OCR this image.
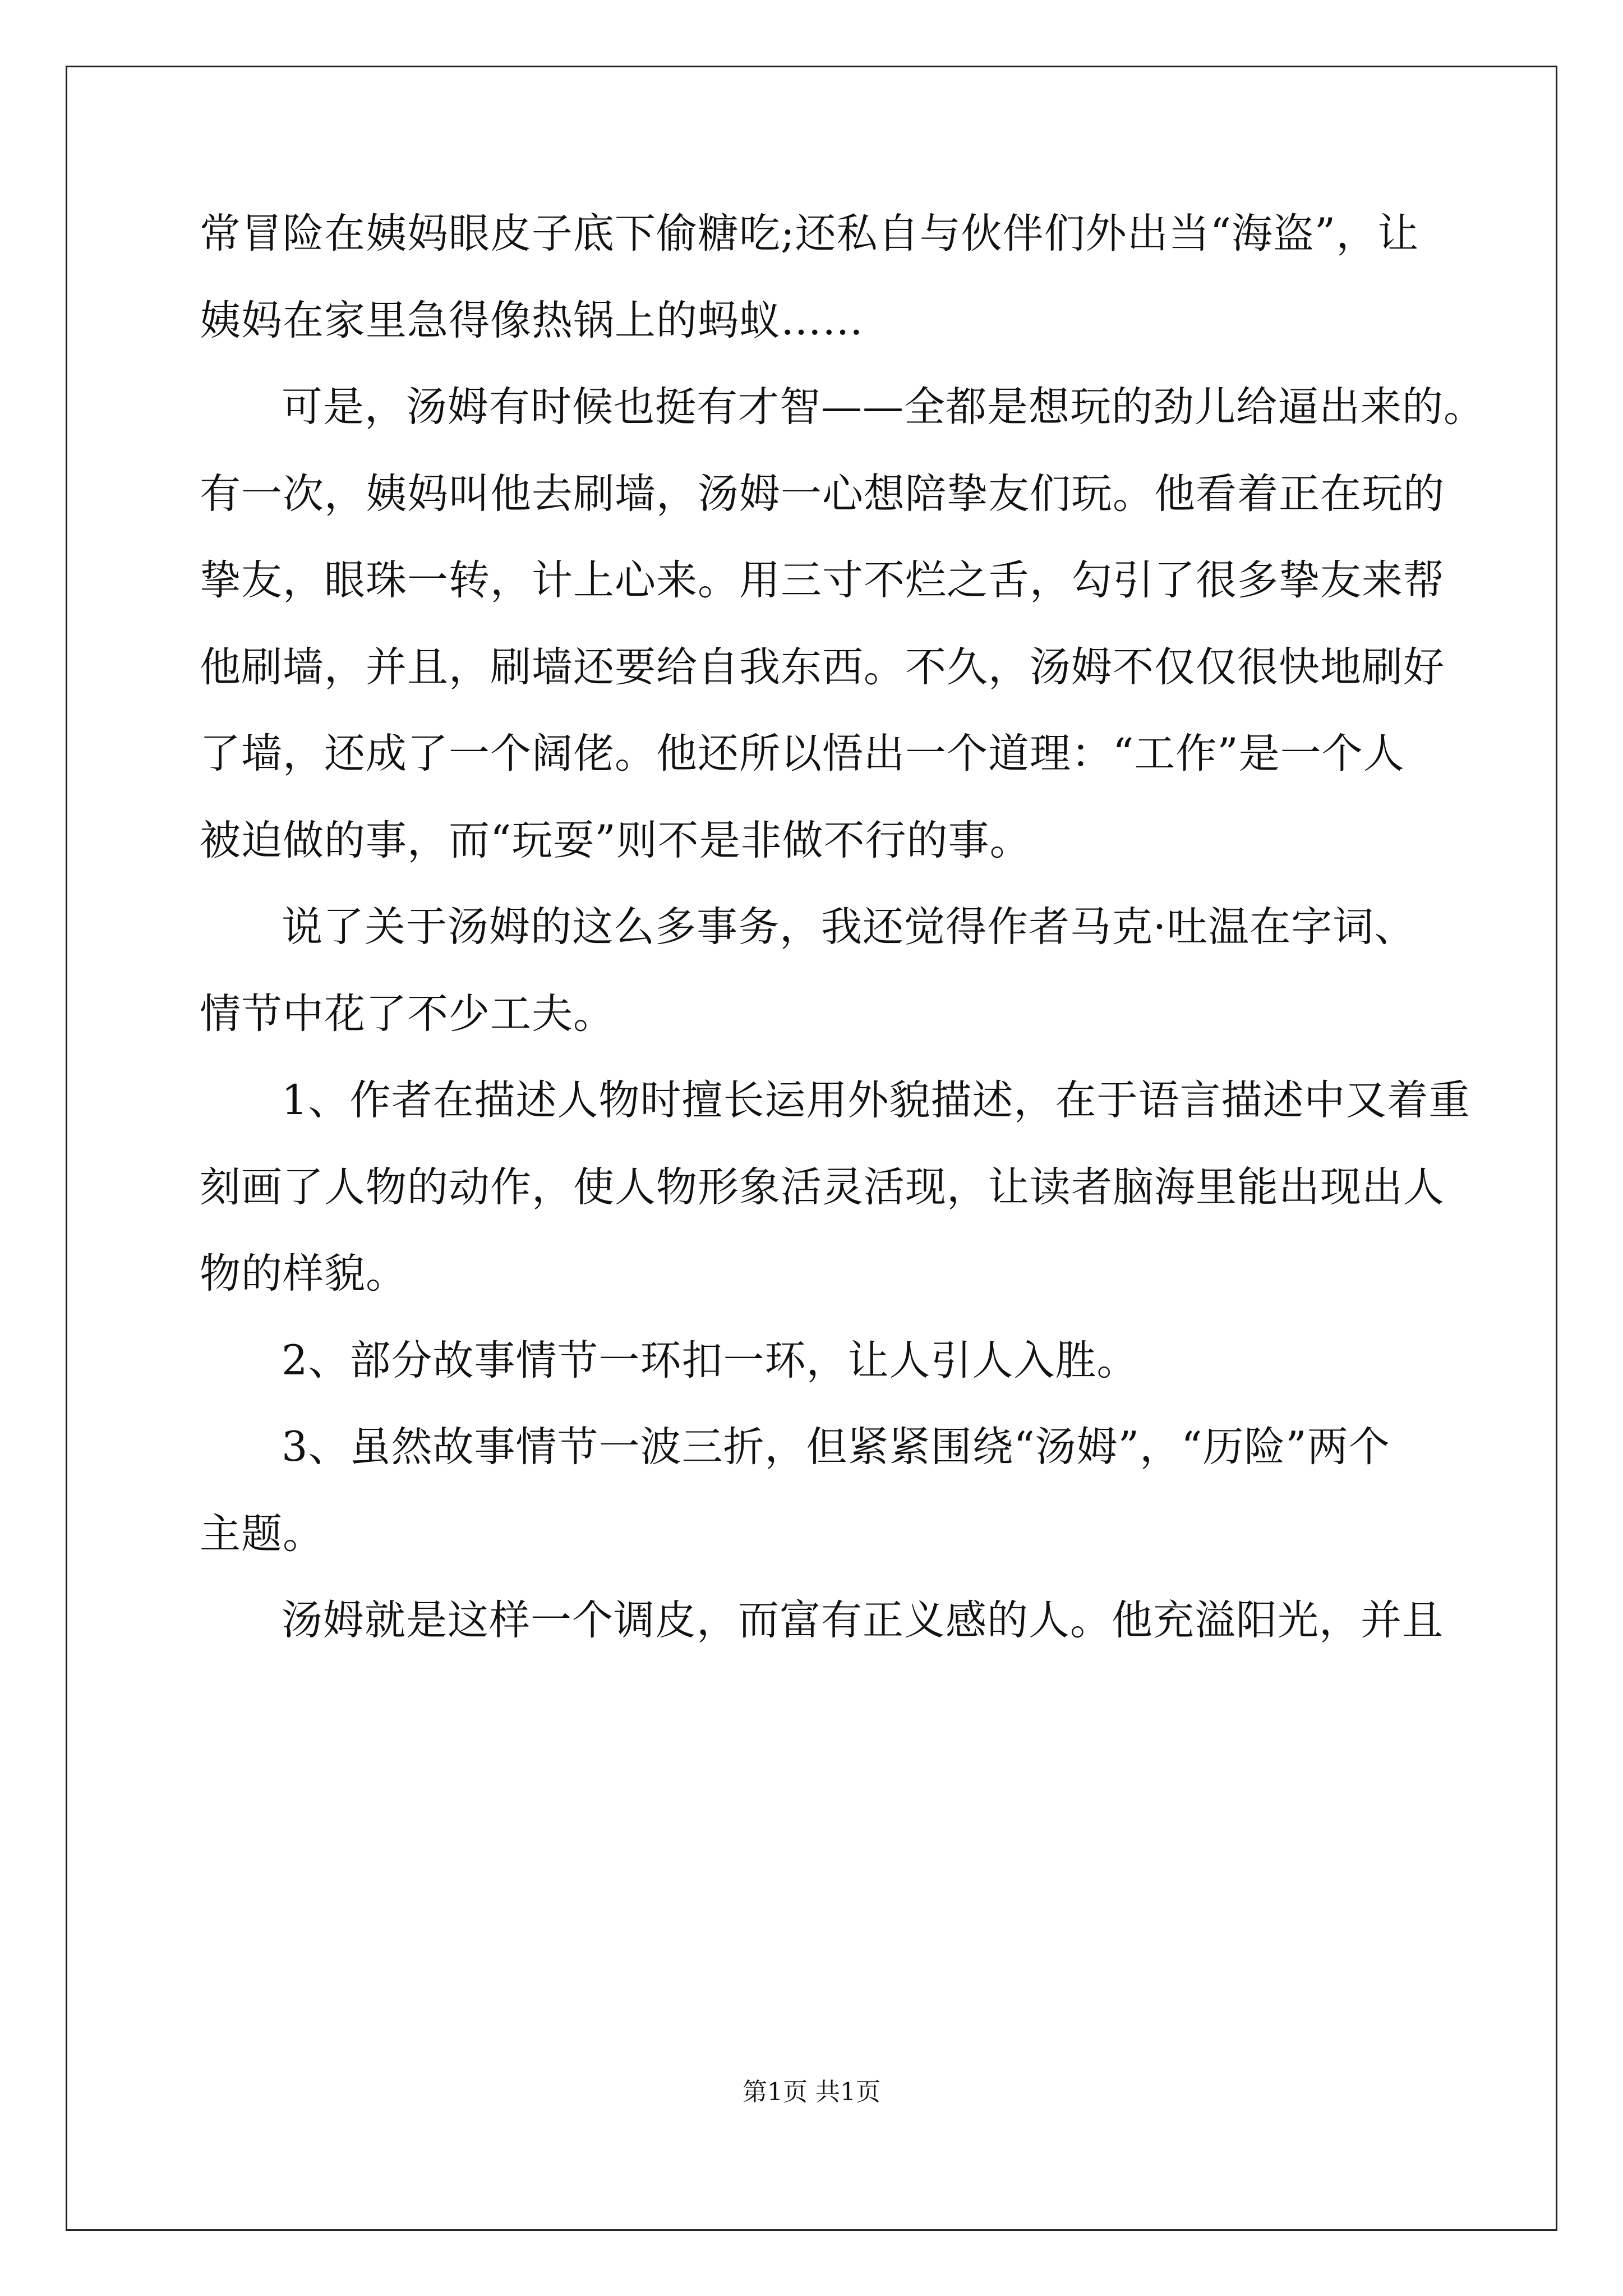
常冒险在姨妈眼皮子底下偷糖吃;还私自与伙伴们外出当“海盗”，让
姨妈在家里急得像热锅上的蚂蚁……
可是，汤姆有时候也挺有才智——全都是想玩的劲儿给逼出来的。
有一次，姨妈叫他去刷墙，汤姆一心想陪挚友们玩。他看着正在玩的
挚友，眼珠一转，计上心来。用三寸不烂之舌，勾引了很多挚友来帮
他刷墙，并且，刷墙还要给自我东西。不久，汤姆不仅仅很快地刷好
了墙，还成了一个阔佬。他还所以悟出一个道理：“工作”是一个人
被迫做的事，而“玩耍”则不是非做不行的事。
说了关于汤姆的这么多事务，我还觉得作者马克·吐温在字词、
情节中花了不少工夫。
1、作者在描述人物时擅长运用外貌描述，在于语言描述中又着重
刻画了人物的动作，使人物形象活灵活现，让读者脑海里能出现出人
物的样貌。
2、部分故事情节一环扣一环，让人引人入胜。
3、虽然故事情节一波三折，但紧紧围绕“汤姆”，“历险”两个
主题。
汤姆就是这样一个调皮，而富有正义感的人。他充溢阳光，并且
第1页 共1页
